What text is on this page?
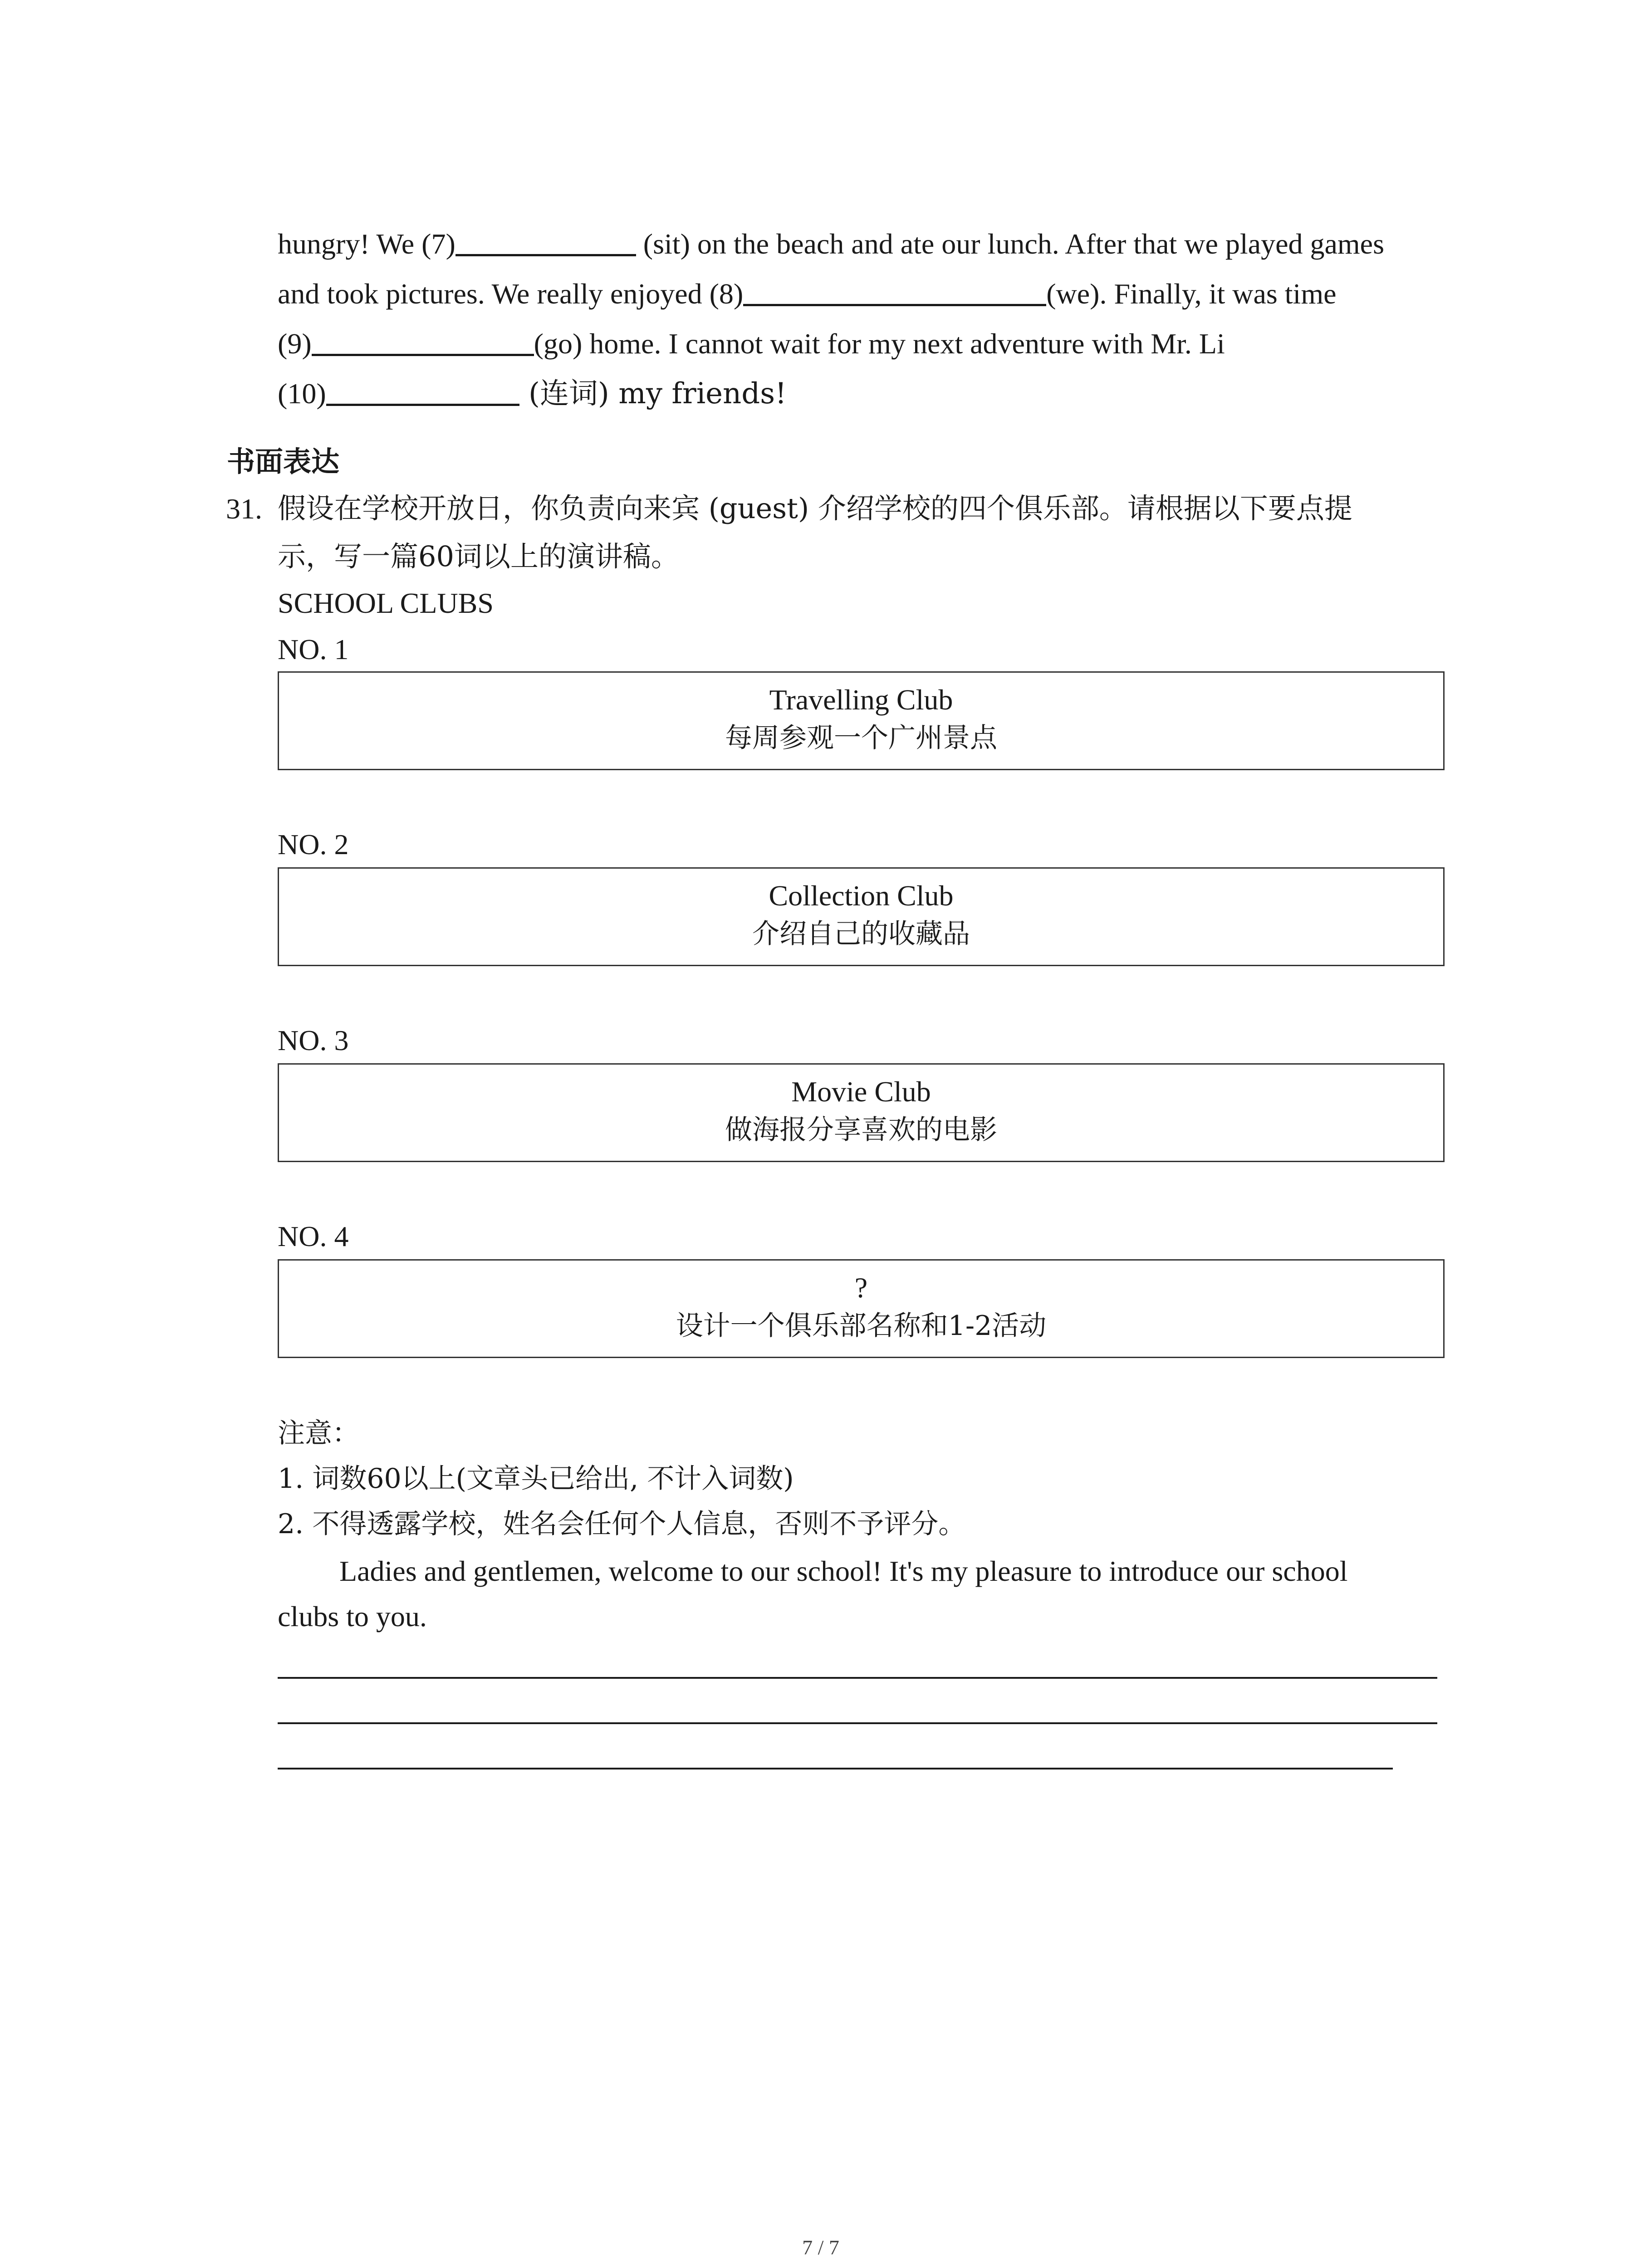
hungry! We (7)	(sit) on the beach and ate our lunch. After that we played games
and took pictures. We really enjoyed (8)	(we). Finally, it was time
(9)	(go) home. I cannot wait for my next adventure with Mr. Li
(10)	(连词) my friends!
书面表达
31. 假设在学校开放日，你负责向来宾 (guest) 介绍学校的四个俱乐部。请根据以下要点提
示，写一篇60词以上的演讲稿。
SCHOOL CLUBS
NO. 1
Travelling Club
每周参观一个广州景点
NO. 2
Collection Club
介绍自己的收藏品
NO. 3
Movie Club
做海报分享喜欢的电影
NO. 4
?
设计一个俱乐部名称和1-2活动
注意：
1. 词数60以上(文章头已给出, 不计入词数)
2. 不得透露学校，姓名会任何个人信息，否则不予评分。
Ladies and gentlemen, welcome to our school! It's my pleasure to introduce our school
clubs to you.
7 / 7
